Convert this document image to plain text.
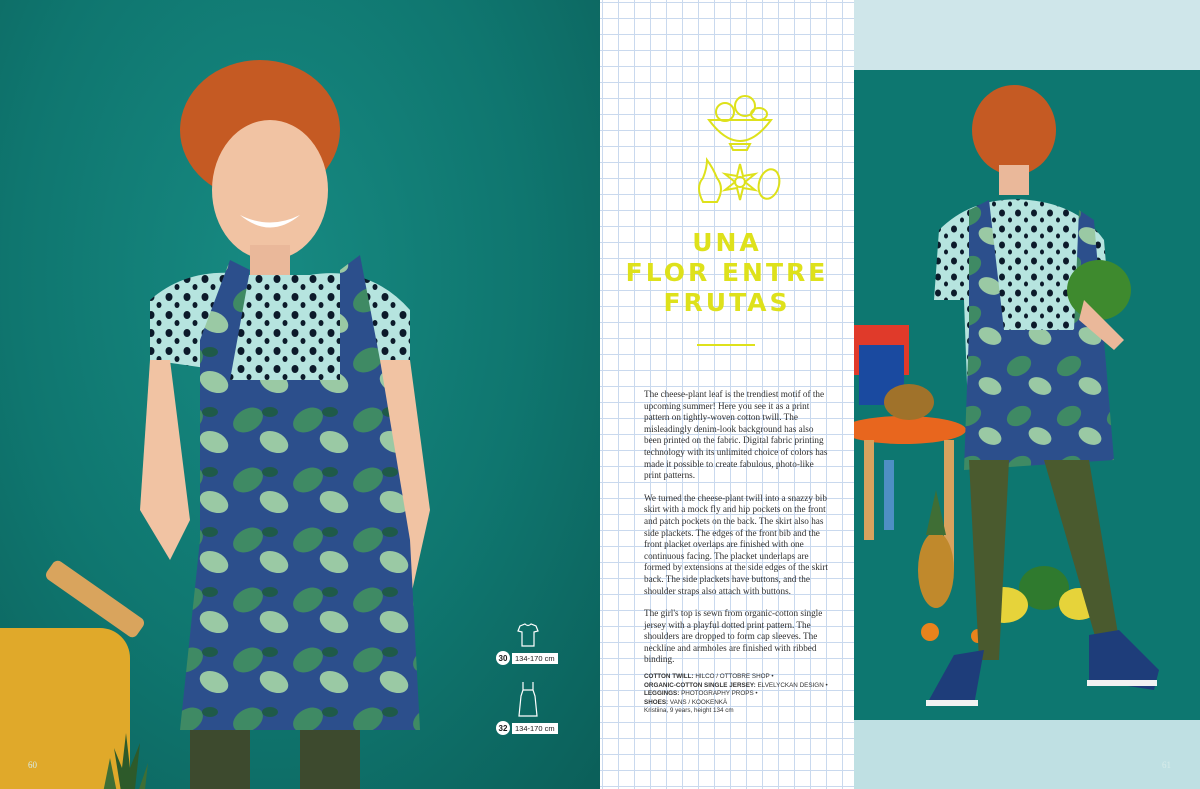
30	134-170 cm
32	134-170 cm
60
UNA
FLOR ENTRE
FRUTAS

The cheese-plant leaf is the trendiest motif of the upcoming summer! Here you see it as a print pattern on tightly-woven cotton twill. The misleadingly denim-look background has also been printed on the fabric. Digital fabric printing technology with its unlimited choice of colors has made it possible to create fabulous, photo-like print patterns.

We turned the cheese-plant twill into a snazzy bib skirt with a mock fly and hip pockets on the front and patch pockets on the back. The skirt also has side plackets. The edges of the front bib and the front placket overlaps are finished with one continuous facing. The placket underlaps are formed by extensions at the side edges of the skirt back. The side plackets have buttons, and the shoulder straps also attach with buttons.

The girl's top is sewn from organic-cotton single jersey with a playful dotted print pattern. The shoulders are dropped to form cap sleeves. The neckline and armholes are finished with ribbed binding.

COTTON TWILL: HILCO / OTTOBRE SHOP •
ORGANIC-COTTON SINGLE JERSEY: ELVELYCKAN DESIGN • LEGGINGS: PHOTOGRAPHY PROPS •
SHOES: VANS / KOOKENKÄ
Kristiina, 9 years, height 134 cm
61
